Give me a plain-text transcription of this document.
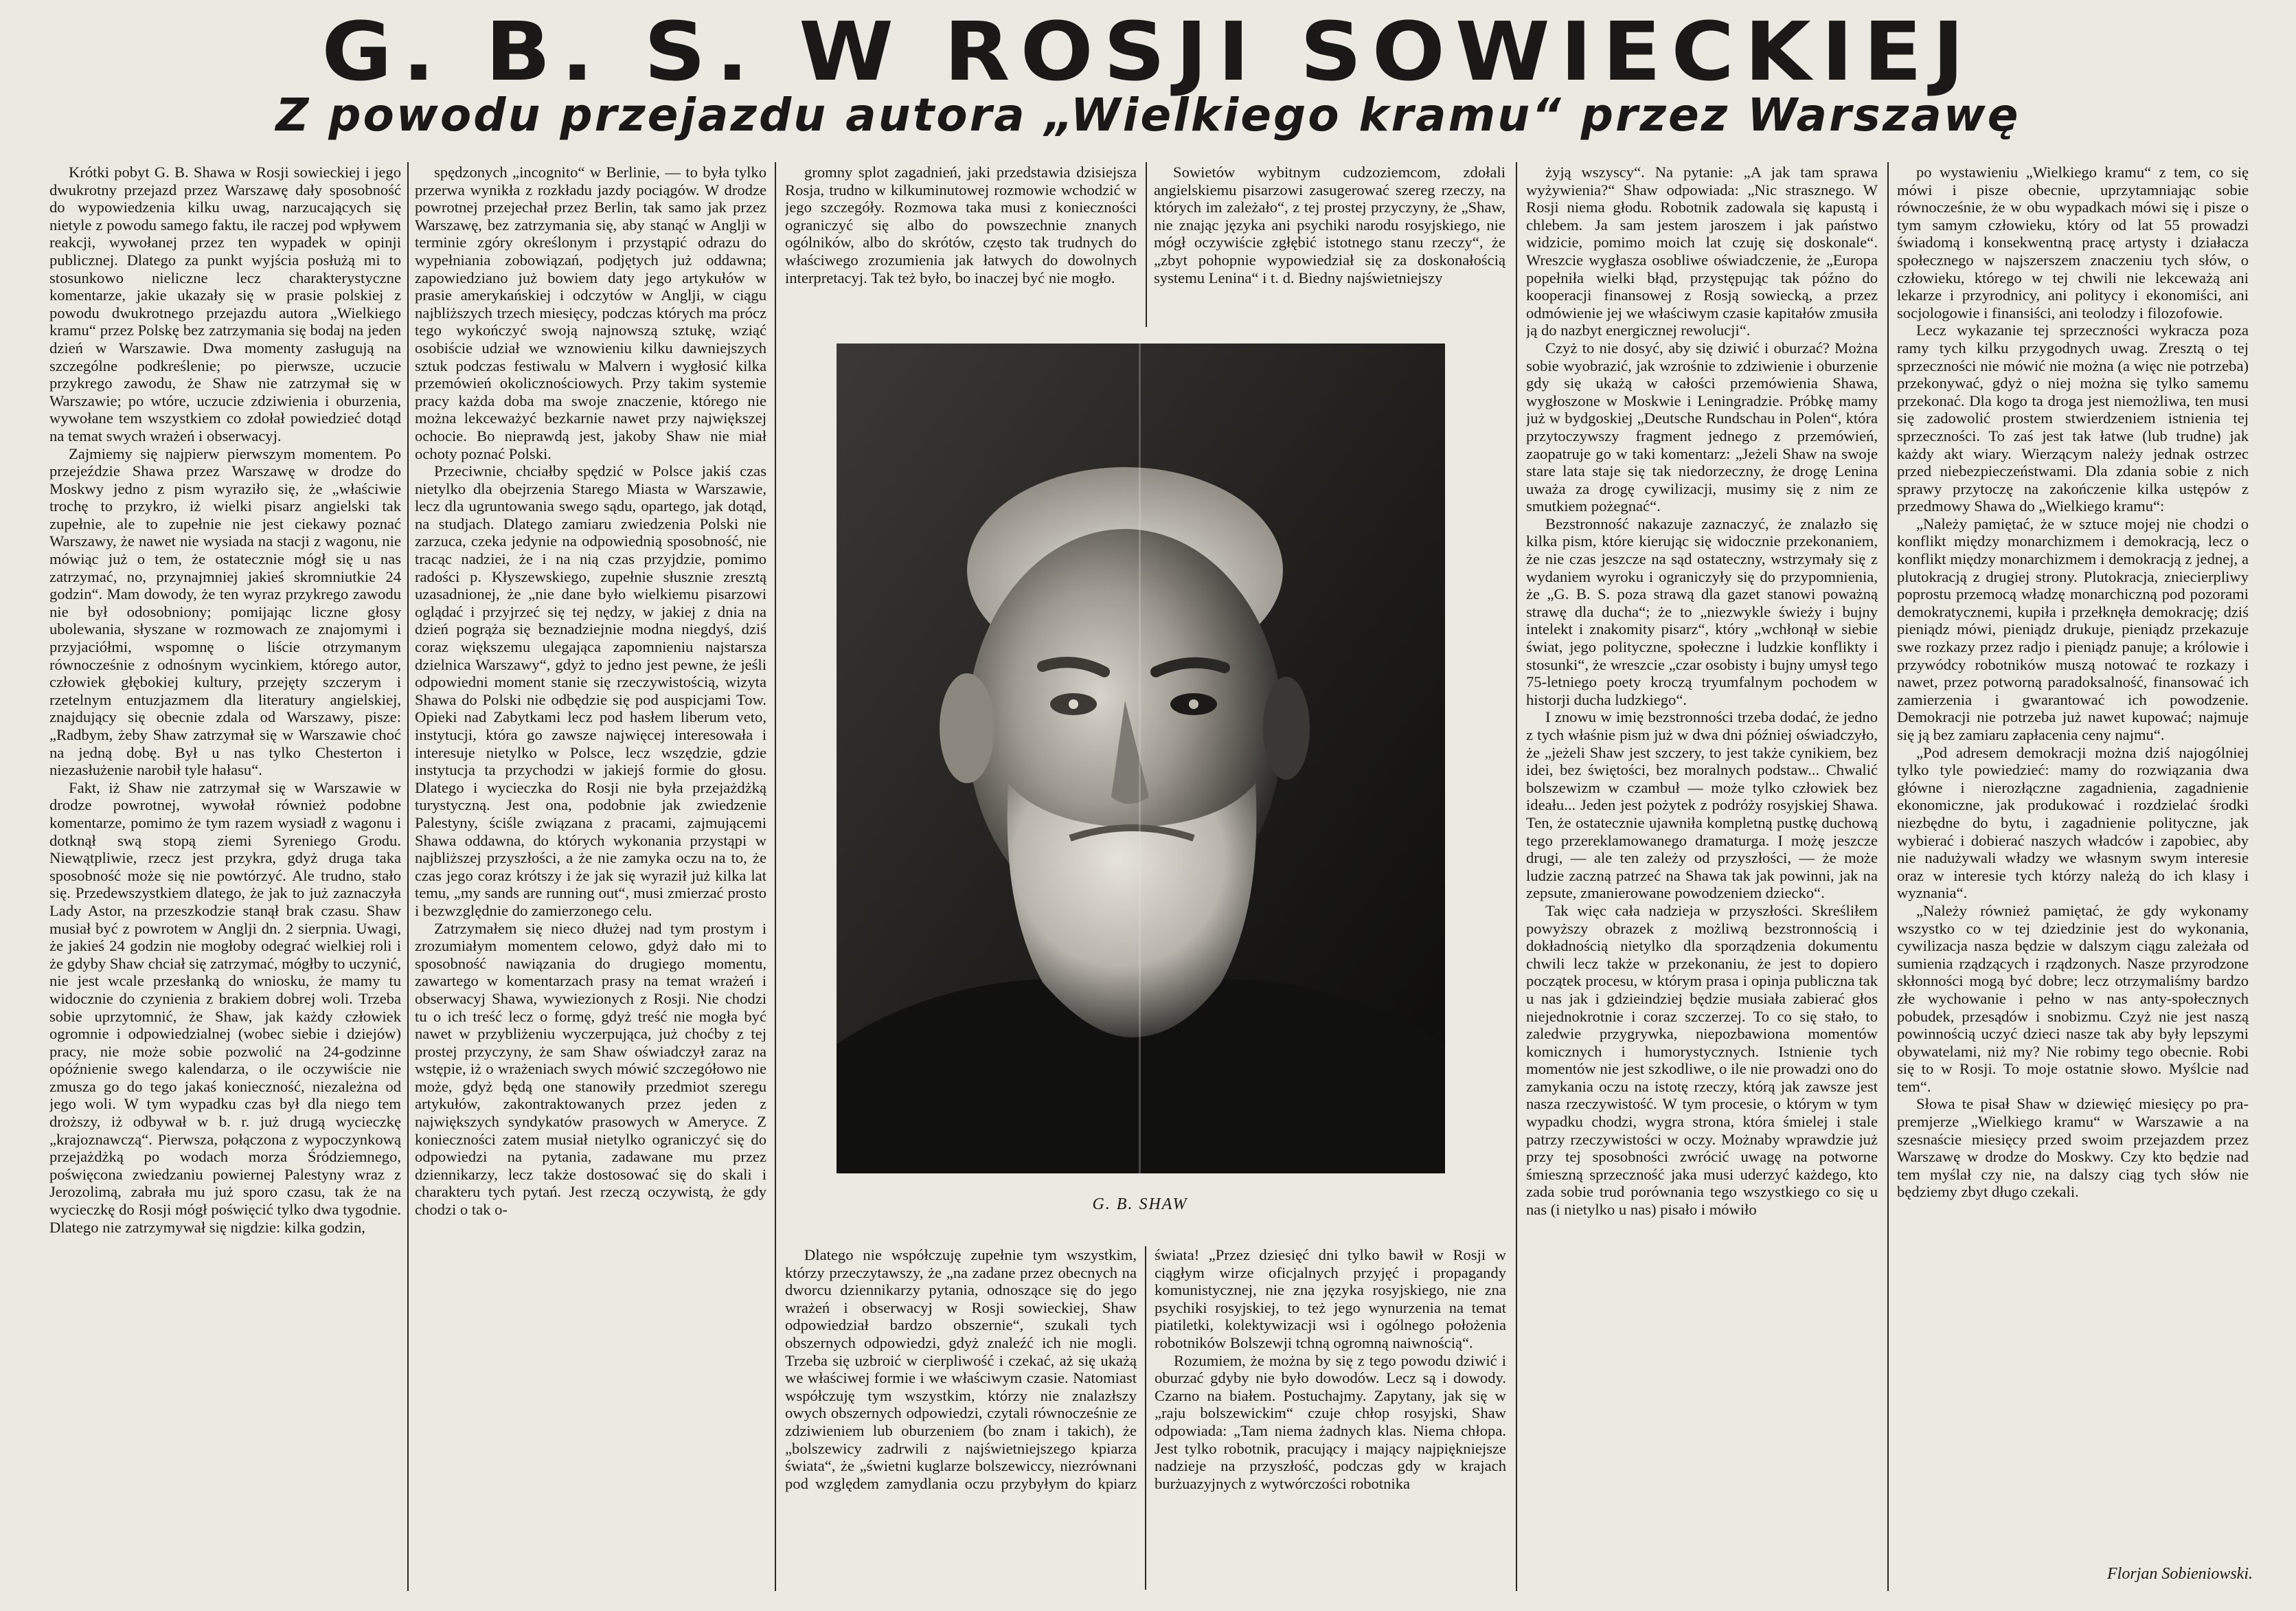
G. B. S. W ROSJI SOWIECKIEJ
Z powodu przejazdu autora „Wielkiego kramu“ przez Warszawę

Krótki pobyt G. B. Shawa w Rosji sowieckiej i jego dwukrotny przejazd przez Warszawę dały sposobność do wypowiedzenia kilku uwag, narzucających się nietyle z powodu samego faktu, ile raczej pod wpływem reakcji, wywołanej przez ten wypadek w opinji publicznej. Dlatego za punkt wyjścia posłużą mi to stosunkowo nieliczne lecz charakterystyczne komentarze, jakie ukazały się w prasie polskiej z powodu dwukrotnego przejazdu autora „Wielkiego kramu“ przez Polskę bez zatrzymania się bodaj na jeden dzień w Warszawie. Dwa momenty zasługują na szczególne podkreślenie; po pierwsze, uczucie przykrego zawodu, że Shaw nie zatrzymał się w Warszawie; po wtóre, uczucie zdziwienia i oburzenia, wywołane tem wszystkiem co zdołał powiedzieć dotąd na temat swych wrażeń i obserwacyj.

Zajmiemy się najpierw pierwszym momentem. Po przejeździe Shawa przez Warszawę w drodze do Moskwy jedno z pism wyraziło się, że „właściwie trochę to przykro, iż wielki pisarz angielski tak zupełnie, ale to zupełnie nie jest ciekawy poznać Warszawy, że nawet nie wysiada na stacji z wagonu, nie mówiąc już o tem, że ostatecznie mógł się u nas zatrzymać, no, przynajmniej jakieś skromniutkie 24 godzin“. Mam dowody, że ten wyraz przykrego zawodu nie był odosobniony; pomijając liczne głosy ubolewania, słyszane w rozmowach ze znajomymi i przyjaciółmi, wspomnę o liście otrzymanym równocześnie z odnośnym wycinkiem, którego autor, człowiek głębokiej kultury, przejęty szczerym i rzetelnym entuzjazmem dla literatury angielskiej, znajdujący się obecnie zdala od Warszawy, pisze: „Radbym, żeby Shaw zatrzymał się w Warszawie choć na jedną dobę. Był u nas tylko Chesterton i niezasłużenie narobił tyle hałasu“.

Fakt, iż Shaw nie zatrzymał się w Warszawie w drodze powrotnej, wywołał również podobne komentarze, pomimo że tym razem wysiadł z wagonu i dotknął swą stopą ziemi Syreniego Grodu. Niewątpliwie, rzecz jest przykra, gdyż druga taka sposobność może się nie powtórzyć. Ale trudno, stało się. Przedewszystkiem dlatego, że jak to już zaznaczyła Lady Astor, na przeszkodzie stanął brak czasu. Shaw musiał być z powrotem w Anglji dn. 2 sierpnia. Uwagi, że jakieś 24 godzin nie mogłoby odegrać wielkiej roli i że gdyby Shaw chciał się zatrzymać, mógłby to uczynić, nie jest wcale przesłanką do wniosku, że mamy tu widocznie do czynienia z brakiem dobrej woli. Trzeba sobie uprzytomnić, że Shaw, jak każdy człowiek ogromnie i odpowiedzialnej (wobec siebie i dziejów) pracy, nie może sobie pozwolić na 24-godzinne opóźnienie swego kalendarza, o ile oczywiście nie zmusza go do tego jakaś konieczność, niezależna od jego woli. W tym wypadku czas był dla niego tem droższy, iż odbywał w b. r. już drugą wycieczkę „krajoznawczą“. Pierwsza, połączona z wypoczynkową przejażdżką po wodach morza Śródziemnego, poświęcona zwiedzaniu powiernej Palestyny wraz z Jerozolimą, zabrała mu już sporo czasu, tak że na wycieczkę do Rosji mógł poświęcić tylko dwa tygodnie. Dlatego nie zatrzymywał się nigdzie: kilka godzin,

spędzonych „incognito“ w Berlinie, — to była tylko przerwa wynikła z rozkładu jazdy pociągów. W drodze powrotnej przejechał przez Berlin, tak samo jak przez Warszawę, bez zatrzymania się, aby stanąć w Anglji w terminie zgóry określonym i przystąpić odrazu do wypełniania zobowiązań, podjętych już oddawna; zapowiedziano już bowiem daty jego artykułów w prasie amerykańskiej i odczytów w Anglji, w ciągu najbliższych trzech miesięcy, podczas których ma prócz tego wykończyć swoją najnowszą sztukę, wziąć osobiście udział we wznowieniu kilku dawniejszych sztuk podczas festiwalu w Malvern i wygłosić kilka przemówień okolicznościowych. Przy takim systemie pracy każda doba ma swoje znaczenie, którego nie można lekceważyć bezkarnie nawet przy największej ochocie. Bo nieprawdą jest, jakoby Shaw nie miał ochoty poznać Polski.

Przeciwnie, chciałby spędzić w Polsce jakiś czas nietylko dla obejrzenia Starego Miasta w Warszawie, lecz dla ugruntowania swego sądu, opartego, jak dotąd, na studjach. Dlatego zamiaru zwiedzenia Polski nie zarzuca, czeka jedynie na odpowiednią sposobność, nie tracąc nadziei, że i na nią czas przyjdzie, pomimo radości p. Kłyszewskiego, zupełnie słusznie zresztą uzasadnionej, że „nie dane było wielkiemu pisarzowi oglądać i przyjrzeć się tej nędzy, w jakiej z dnia na dzień pogrąża się beznadziejnie modna niegdyś, dziś coraz większemu ulegająca zapomnieniu najstarsza dzielnica Warszawy“, gdyż to jedno jest pewne, że jeśli odpowiedni moment stanie się rzeczywistością, wizyta Shawa do Polski nie odbędzie się pod auspicjami Tow. Opieki nad Zabytkami lecz pod hasłem liberum veto, instytucji, która go zawsze najwięcej interesowała i interesuje nietylko w Polsce, lecz wszędzie, gdzie instytucja ta przychodzi w jakiejś formie do głosu. Dlatego i wycieczka do Rosji nie była przejażdżką turystyczną. Jest ona, podobnie jak zwiedzenie Palestyny, ściśle związana z pracami, zajmującemi Shawa oddawna, do których wykonania przystąpi w najbliższej przyszłości, a że nie zamyka oczu na to, że czas jego coraz krótszy i że jak się wyraził już kilka lat temu, „my sands are running out“, musi zmierzać prosto i bezwzględnie do zamierzonego celu.

Zatrzymałem się nieco dłużej nad tym prostym i zrozumiałym momentem celowo, gdyż dało mi to sposobność nawiązania do drugiego momentu, zawartego w komentarzach prasy na temat wrażeń i obserwacyj Shawa, wywiezionych z Rosji. Nie chodzi tu o ich treść lecz o formę, gdyż treść nie mogła być nawet w przybliżeniu wyczerpująca, już choćby z tej prostej przyczyny, że sam Shaw oświadczył zaraz na wstępie, iż o wrażeniach swych mówić szczegółowo nie może, gdyż będą one stanowiły przedmiot szeregu artykułów, zakontraktowanych przez jeden z największych syndykatów prasowych w Ameryce. Z konieczności zatem musiał nietylko ograniczyć się do odpowiedzi na pytania, zadawane mu przez dziennikarzy, lecz także dostosować się do skali i charakteru tych pytań. Jest rzeczą oczywistą, że gdy chodzi o tak o-

gromny splot zagadnień, jaki przedstawia dzisiejsza Rosja, trudno w kilkuminutowej rozmowie wchodzić w jego szczegóły. Rozmowa taka musi z konieczności ograniczyć się albo do powszechnie znanych ogólników, albo do skrótów, często tak trudnych do właściwego zrozumienia jak łatwych do dowolnych interpretacyj. Tak też było, bo inaczej być nie mogło.

Sowietów wybitnym cudzoziemcom, zdołali angielskiemu pisarzowi zasugerować szereg rzeczy, na których im zależało“, z tej prostej przyczyny, że „Shaw, nie znając języka ani psychiki narodu rosyjskiego, nie mógł oczywiście zgłębić istotnego stanu rzeczy“, że „zbyt pohopnie wypowiedział się za doskonałością systemu Lenina“ i t. d. Biedny najświetniejszy

G. B. SHAW

Dlatego nie współczuję zupełnie tym wszystkim, którzy przeczytawszy, że „na zadane przez obecnych na dworcu dziennikarzy pytania, odnoszące się do jego wrażeń i obserwacyj w Rosji sowieckiej, Shaw odpowiedział bardzo obszernie“, szukali tych obszernych odpowiedzi, gdyż znaleźć ich nie mogli. Trzeba się uzbroić w cierpliwość i czekać, aż się ukażą we właściwej formie i we właściwym czasie. Natomiast współczuję tym wszystkim, którzy nie znalazłszy owych obszernych odpowiedzi, czytali równocześnie ze zdziwieniem lub oburzeniem (bo znam i takich), że „bolszewicy zadrwili z najświetniejszego kpiarza świata“, że „świetni kuglarze bolszewiccy, niezrównani pod względem zamydlania oczu przybyłym do kpiarz świata! „Przez dziesięć dni tylko bawił w Rosji w ciągłym wirze oficjalnych przyjęć i propagandy komunistycznej, nie zna języka rosyjskiego, nie zna psychiki rosyjskiej, to też jego wynurzenia na temat piatiletki, kolektywizacji wsi i ogólnego położenia robotników Bolszewji tchną ogromną naiwnością“.

Rozumiem, że można by się z tego powodu dziwić i oburzać gdyby nie było dowodów. Lecz są i dowody. Czarno na białem. Postuchajmy. Zapytany, jak się w „raju bolszewickim“ czuje chłop rosyjski, Shaw odpowiada: „Tam niema żadnych klas. Niema chłopa. Jest tylko robotnik, pracujący i mający najpiękniejsze nadzieje na przyszłość, podczas gdy w krajach burżuazyjnych z wytwórczości robotnika

żyją wszyscy“. Na pytanie: „A jak tam sprawa wyżywienia?“ Shaw odpowiada: „Nic strasznego. W Rosji niema głodu. Robotnik zadowala się kapustą i chlebem. Ja sam jestem jaroszem i jak państwo widzicie, pomimo moich lat czuję się doskonale“. Wreszcie wygłasza osobliwe oświadczenie, że „Europa popełniła wielki błąd, przystępując tak późno do kooperacji finansowej z Rosją sowiecką, a przez odmówienie jej we właściwym czasie kapitałów zmusiła ją do nazbyt energicznej rewolucji“.

Czyż to nie dosyć, aby się dziwić i oburzać? Można sobie wyobrazić, jak wzrośnie to zdziwienie i oburzenie gdy się ukażą w całości przemówienia Shawa, wygłoszone w Moskwie i Leningradzie. Próbkę mamy już w bydgoskiej „Deutsche Rundschau in Polen“, która przytoczywszy fragment jednego z przemówień, zaopatruje go w taki komentarz: „Jeżeli Shaw na swoje stare lata staje się tak niedorzeczny, że drogę Lenina uważa za drogę cywilizacji, musimy się z nim ze smutkiem pożegnać“.

Bezstronność nakazuje zaznaczyć, że znalazło się kilka pism, które kierując się widocznie przekonaniem, że nie czas jeszcze na sąd ostateczny, wstrzymały się z wydaniem wyroku i ograniczyły się do przypomnienia, że „G. B. S. poza strawą dla gazet stanowi poważną strawę dla ducha“; że to „niezwykle świeży i bujny intelekt i znakomity pisarz“, który „wchłonął w siebie świat, jego polityczne, społeczne i ludzkie konflikty i stosunki“, że wreszcie „czar osobisty i bujny umysł tego 75-letniego poety kroczą tryumfalnym pochodem w historji ducha ludzkiego“.

I znowu w imię bezstronności trzeba dodać, że jedno z tych właśnie pism już w dwa dni później oświadczyło, że „jeżeli Shaw jest szczery, to jest także cynikiem, bez idei, bez świętości, bez moralnych podstaw... Chwalić bolszewizm w czambuł — może tylko człowiek bez ideału... Jeden jest pożytek z podróży rosyjskiej Shawa. Ten, że ostatecznie ujawniła kompletną pustkę duchową tego przereklamowanego dramaturga. I możę jeszcze drugi, — ale ten zależy od przyszłości, — że może ludzie zaczną patrzeć na Shawa tak jak powinni, jak na zepsute, zmanierowane powodzeniem dziecko“.

Tak więc cała nadzieja w przyszłości. Skreśliłem powyższy obrazek z możliwą bezstronnością i dokładnością nietylko dla sporządzenia dokumentu chwili lecz także w przekonaniu, że jest to dopiero początek procesu, w którym prasa i opinja publiczna tak u nas jak i gdzieindziej będzie musiała zabierać głos niejednokrotnie i coraz szczerzej. To co się stało, to zaledwie przygrywka, niepozbawiona momentów komicznych i humorystycznych. Istnienie tych momentów nie jest szkodliwe, o ile nie prowadzi ono do zamykania oczu na istotę rzeczy, którą jak zawsze jest nasza rzeczywistość. W tym procesie, o którym w tym wypadku chodzi, wygra strona, która śmielej i stale patrzy rzeczywistości w oczy. Możnaby wprawdzie już przy tej sposobności zwrócić uwagę na potworne śmieszną sprzeczność jaka musi uderzyć każdego, kto zada sobie trud porównania tego wszystkiego co się u nas (i nietylko u nas) pisało i mówiło

po wystawieniu „Wielkiego kramu“ z tem, co się mówi i pisze obecnie, uprzytamniając sobie równocześnie, że w obu wypadkach mówi się i pisze o tym samym człowieku, który od lat 55 prowadzi świadomą i konsekwentną pracę artysty i działacza społecznego w najszerszem znaczeniu tych słów, o człowieku, którego w tej chwili nie lekceważą ani lekarze i przyrodnicy, ani politycy i ekonomiści, ani socjologowie i finansiści, ani teolodzy i filozofowie.

Lecz wykazanie tej sprzeczności wykracza poza ramy tych kilku przygodnych uwag. Zresztą o tej sprzeczności nie mówić nie można (a więc nie potrzeba) przekonywać, gdyż o niej można się tylko samemu przekonać. Dla kogo ta droga jest niemożliwa, ten musi się zadowolić prostem stwierdzeniem istnienia tej sprzeczności. To zaś jest tak łatwe (lub trudne) jak każdy akt wiary. Wierzącym należy jednak ostrzec przed niebezpieczeństwami. Dla zdania sobie z nich sprawy przytoczę na zakończenie kilka ustępów z przedmowy Shawa do „Wielkiego kramu“:

„Należy pamiętać, że w sztuce mojej nie chodzi o konflikt między monarchizmem i demokracją, lecz o konflikt między monarchizmem i demokracją z jednej, a plutokracją z drugiej strony. Plutokracja, zniecierpliwy poprostu przemocą władzę monarchiczną pod pozorami demokratycznemi, kupiła i przełknęła demokrację; dziś pieniądz mówi, pieniądz drukuje, pieniądz przekazuje swe rozkazy przez radjo i pieniądz panuje; a królowie i przywódcy robotników muszą notować te rozkazy i nawet, przez potworną paradoksalność, finansować ich zamierzenia i gwarantować ich powodzenie. Demokracji nie potrzeba już nawet kupować; najmuje się ją bez zamiaru zapłacenia ceny najmu“.

„Pod adresem demokracji można dziś najogólniej tylko tyle powiedzieć: mamy do rozwiązania dwa główne i nierozłączne zagadnienia, zagadnienie ekonomiczne, jak produkować i rozdzielać środki niezbędne do bytu, i zagadnienie polityczne, jak wybierać i dobierać naszych władców i zapobiec, aby nie nadużywali władzy we własnym swym interesie oraz w interesie tych którzy należą do ich klasy i wyznania“.

„Należy również pamiętać, że gdy wykonamy wszystko co w tej dziedzinie jest do wykonania, cywilizacja nasza będzie w dalszym ciągu zależała od sumienia rządzących i rządzonych. Nasze przyrodzone skłonności mogą być dobre; lecz otrzymaliśmy bardzo złe wychowanie i pełno w nas anty-społecznych pobudek, przesądów i snobizmu. Czyż nie jest naszą powinnością uczyć dzieci nasze tak aby były lepszymi obywatelami, niż my? Nie robimy tego obecnie. Robi się to w Rosji. To moje ostatnie słowo. Myślcie nad tem“.

Słowa te pisał Shaw w dziewięć miesięcy po pra-premjerze „Wielkiego kramu“ w Warszawie a na szesnaście miesięcy przed swoim przejazdem przez Warszawę w drodze do Moskwy. Czy kto będzie nad tem myślał czy nie, na dalszy ciąg tych słów nie będziemy zbyt długo czekali.

Florjan Sobieniowski.
